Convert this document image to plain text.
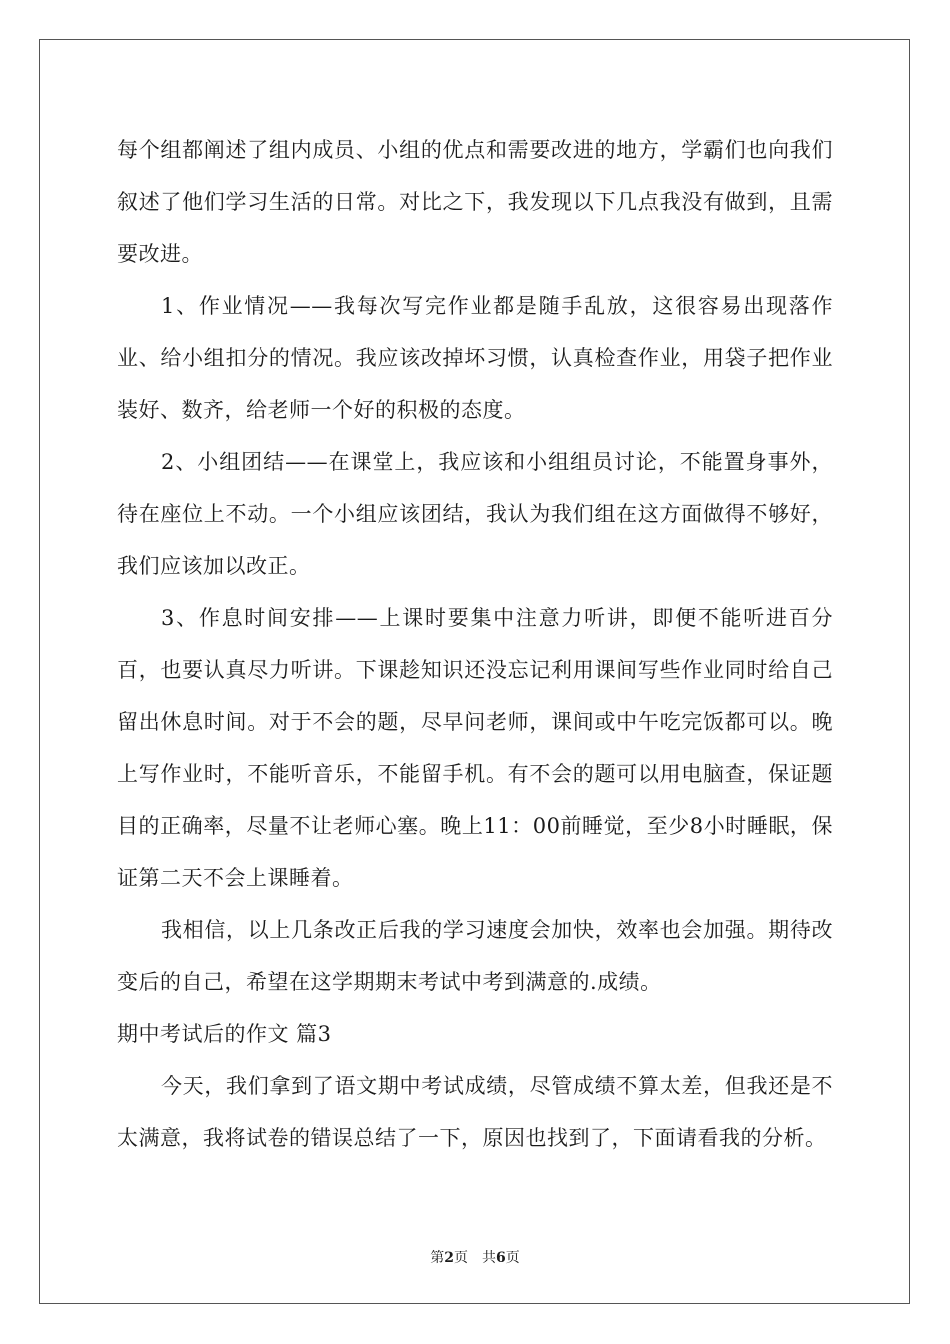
每个组都阐述了组内成员、小组的优点和需要改进的地方，学霸们也向我们叙述了他们学习生活的日常。对比之下，我发现以下几点我没有做到，且需要改进。

1、作业情况——我每次写完作业都是随手乱放，这很容易出现落作业、给小组扣分的情况。我应该改掉坏习惯，认真检查作业，用袋子把作业装好、数齐，给老师一个好的积极的态度。

2、小组团结——在课堂上，我应该和小组组员讨论，不能置身事外，待在座位上不动。一个小组应该团结，我认为我们组在这方面做得不够好，我们应该加以改正。

3、作息时间安排——上课时要集中注意力听讲，即便不能听进百分百，也要认真尽力听讲。下课趁知识还没忘记利用课间写些作业同时给自己留出休息时间。对于不会的题，尽早问老师，课间或中午吃完饭都可以。晚上写作业时，不能听音乐，不能留手机。有不会的题可以用电脑查，保证题目的正确率，尽量不让老师心塞。晚上11：00前睡觉，至少8小时睡眠，保证第二天不会上课睡着。

我相信，以上几条改正后我的学习速度会加快，效率也会加强。期待改变后的自己，希望在这学期期末考试中考到满意的.成绩。

期中考试后的作文 篇3

今天，我们拿到了语文期中考试成绩，尽管成绩不算太差，但我还是不太满意，我将试卷的错误总结了一下，原因也找到了，下面请看我的分析。

第2页 共6页
